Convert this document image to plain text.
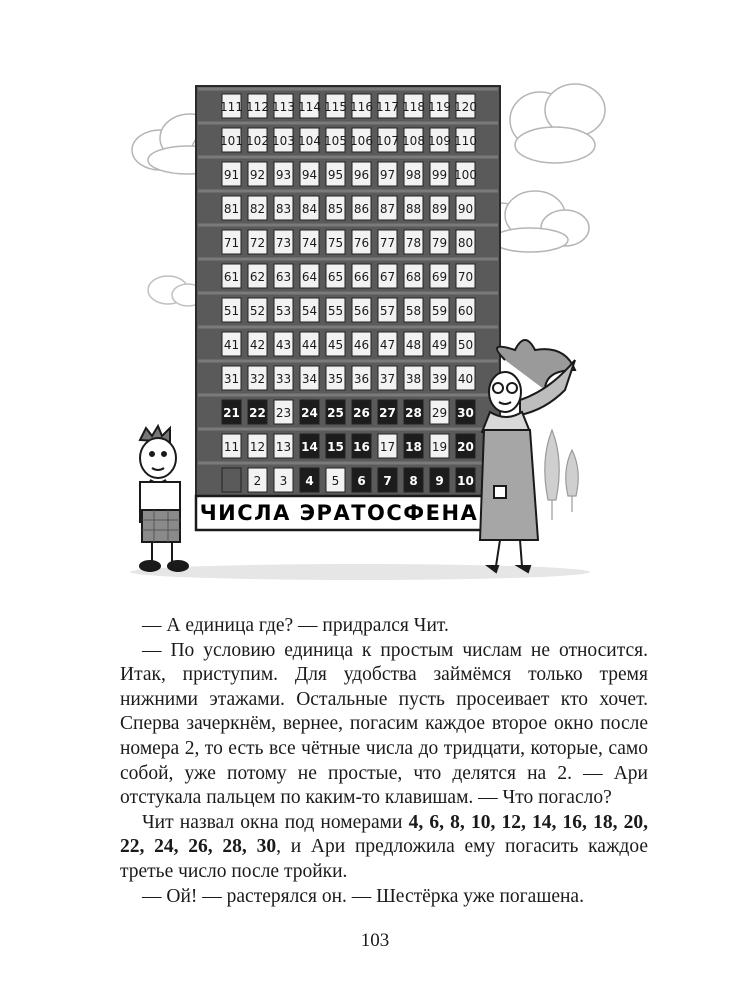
111 112 113 114 115 116 117 118 119 120
101 102 103 104 105 106 107 108 109 110
91 92 93 94 95 96 97 98 99 100
81 82 83 84 85 86 87 88 89 90
71 72 73 74 75 76 77 78 79 80
61 62 63 64 65 66 67 68 69 70
51 52 53 54 55 56 57 58 59 60
41 42 43 44 45 46 47 48 49 50
31 32 33 34 35 36 37 38 39 40
21 22 23 24 25 26 27 28 29 30
11 12 13 14 15 16 17 18 19 20
2 3 4 5 6 7 8 9 10
ЧИСЛА ЭРАТОСФЕНА

— А единица где? — придрался Чит.

— По условию единица к простым числам не относится. Итак, приступим. Для удобства займёмся только тремя нижними этажами. Остальные пусть просеивает кто хочет. Сперва зачеркнём, вернее, погасим каждое второе окно после номера 2, то есть все чётные числа до тридцати, которые, само собой, уже потому не простые, что делятся на 2. — Ари отстукала пальцем по каким-то клавишам. — Что погасло?

Чит назвал окна под номерами 4, 6, 8, 10, 12, 14, 16, 18, 20, 22, 24, 26, 28, 30, и Ари предложила ему погасить каждое третье число после тройки.

— Ой! — растерялся он. — Шестёрка уже погашена.

103
